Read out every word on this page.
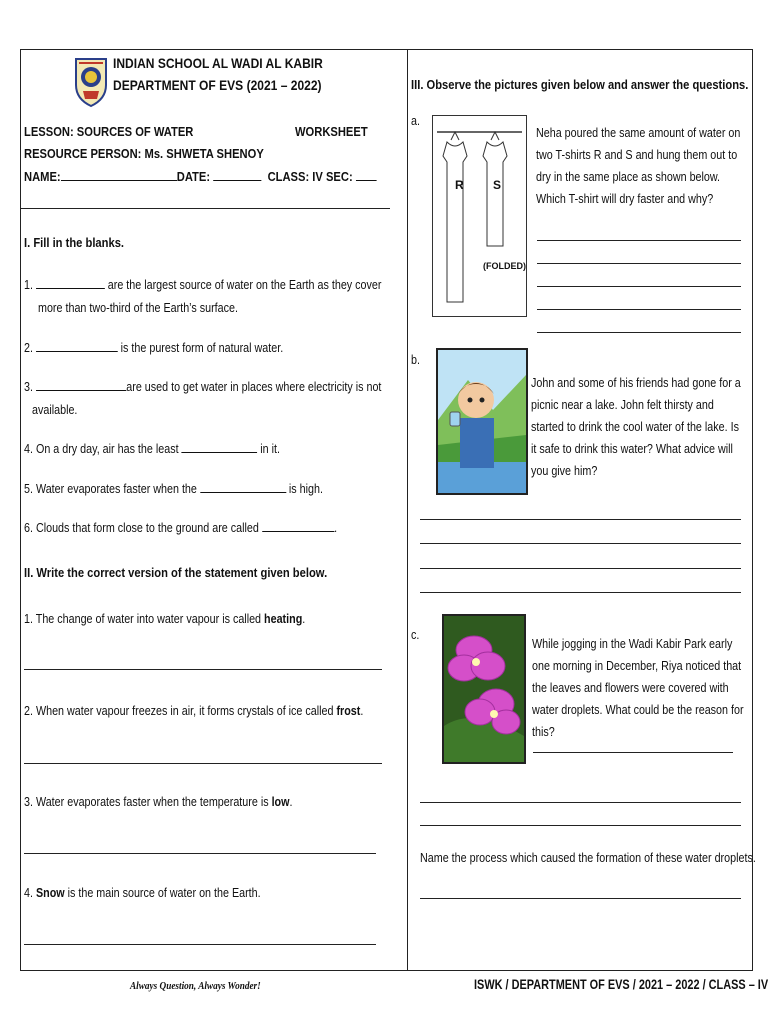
INDIAN SCHOOL AL WADI AL KABIR
DEPARTMENT OF EVS (2021 – 2022)
LESSON: SOURCES OF WATER	WORKSHEET
RESOURCE PERSON: Ms. SHWETA SHENOY
NAME:	DATE:	CLASS: IV SEC:
I. Fill in the blanks.
1.	are the largest source of water on the Earth as they cover
more than two-third of the Earth’s surface.
2.	is the purest form of natural water.
3.	are used to get water in places where electricity is not
available.
4. On a dry day, air has the least	in it.
5. Water evaporates faster when the	is high.
6. Clouds that form close to the ground are called	.
II. Write the correct version of the statement given below.
1. The change of water into water vapour is called heating.
2. When water vapour freezes in air, it forms crystals of ice called frost.
3. Water evaporates faster when the temperature is low.
4. Snow is the main source of water on the Earth.
III. Observe the pictures given below and answer the questions.
a.
R S
(FOLDED)
Neha poured the same amount of water on two T-shirts R and S and hung them out to dry in the same place as shown below. Which T-shirt will dry faster and why?
b.
John and some of his friends had gone for a picnic near a lake. John felt thirsty and started to drink the cool water of the lake. Is it safe to drink this water? What advice will you give him?
c.
While jogging in the Wadi Kabir Park early one morning in December, Riya noticed that the leaves and flowers were covered with water droplets. What could be the reason for this?
Name the process which caused the formation of these water droplets.
Always Question, Always Wonder!	ISWK / DEPARTMENT OF EVS / 2021 – 2022 / CLASS – IV
